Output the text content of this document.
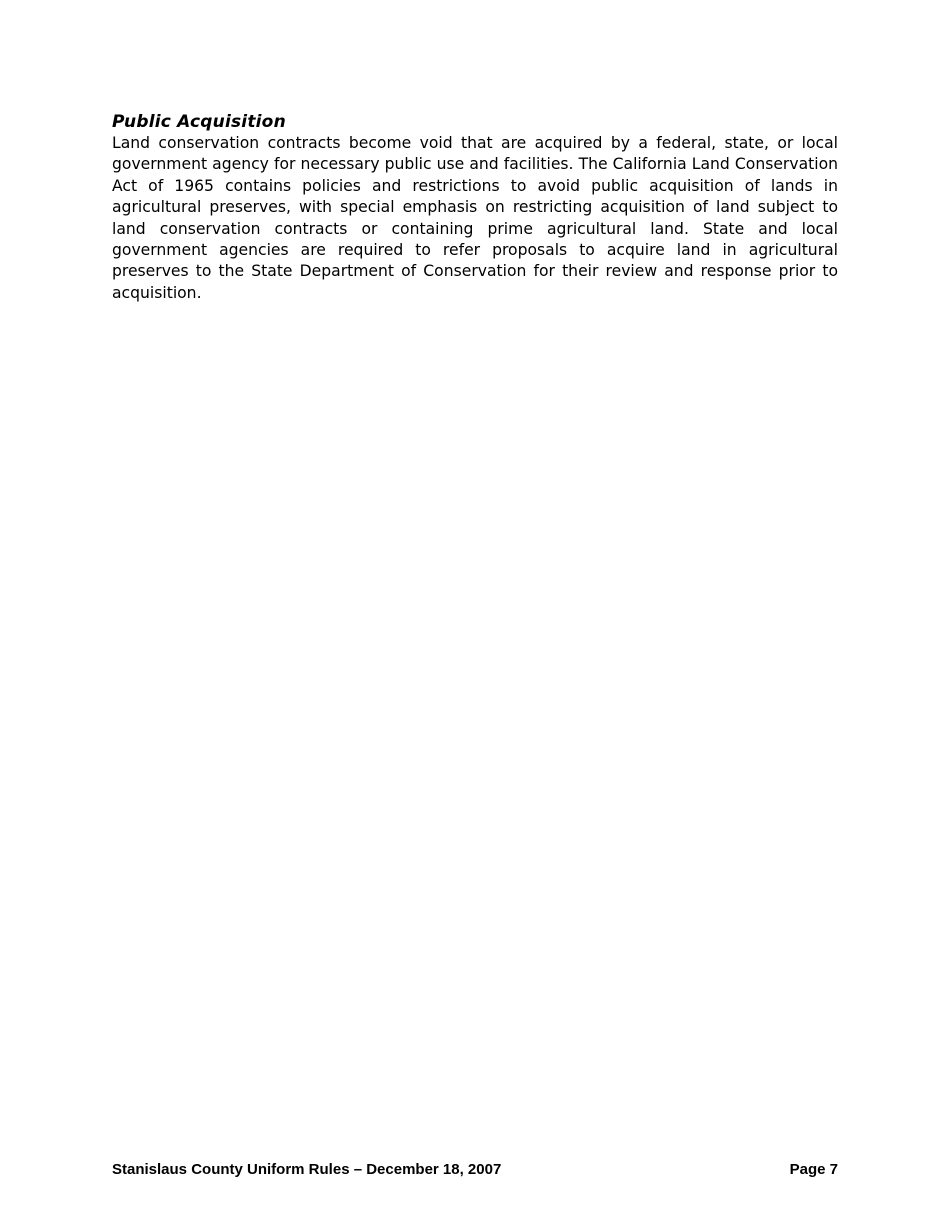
Public Acquisition

Land conservation contracts become void that are acquired by a federal, state, or local government agency for necessary public use and facilities. The California Land Conservation Act of 1965 contains policies and restrictions to avoid public acquisition of lands in agricultural preserves, with special emphasis on restricting acquisition of land subject to land conservation contracts or containing prime agricultural land. State and local government agencies are required to refer proposals to acquire land in agricultural preserves to the State Department of Conservation for their review and response prior to acquisition.

Stanislaus County Uniform Rules – December 18, 2007	Page 7
